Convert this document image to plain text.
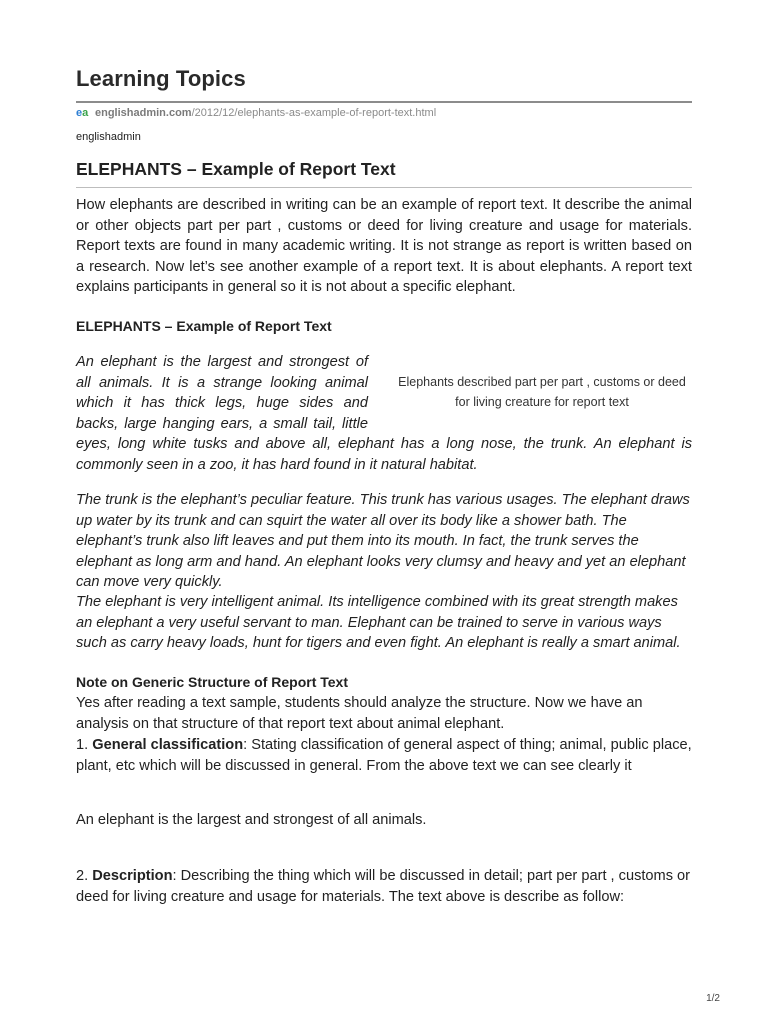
Learning Topics
ea englishadmin.com /2012/12/elephants-as-example-of-report-text.html
englishadmin
ELEPHANTS – Example of Report Text

How elephants are described in writing can be an example of report text. It describe the animal or other objects part per part , customs or deed for living creature and usage for materials. Report texts are found in many academic writing. It is not strange as report is written based on a research. Now let’s see another example of a report text. It is about elephants. A report text explains participants in general so it is not about a specific elephant.

ELEPHANTS – Example of Report Text
Elephants described part per part , customs or deed for living creature for report text
An elephant is the largest and strongest of all animals. It is a strange looking animal which it has thick legs, huge sides and backs, large hanging ears, a small tail, little eyes, long white tusks and above all, elephant has a long nose, the trunk. An elephant is commonly seen in a zoo, it has hard found in it natural habitat.

The trunk is the elephant’s peculiar feature. This trunk has various usages. The elephant draws up water by its trunk and can squirt the water all over its body like a shower bath. The elephant’s trunk also lift leaves and put them into its mouth. In fact, the trunk serves the elephant as long arm and hand. An elephant looks very clumsy and heavy and yet an elephant can move very quickly.

The elephant is very intelligent animal. Its intelligence combined with its great strength makes an elephant a very useful servant to man. Elephant can be trained to serve in various ways such as carry heavy loads, hunt for tigers and even fight. An elephant is really a smart animal.

Note on Generic Structure of Report Text

Yes after reading a text sample, students should analyze the structure. Now we have an analysis on that structure of that report text about animal elephant.

1. General classification: Stating classification of general aspect of thing; animal, public place, plant, etc which will be discussed in general. From the above text we can see clearly it

An elephant is the largest and strongest of all animals.

2. Description: Describing the thing which will be discussed in detail; part per part , customs or deed for living creature and usage for materials. The text above is describe as follow:

1/2
